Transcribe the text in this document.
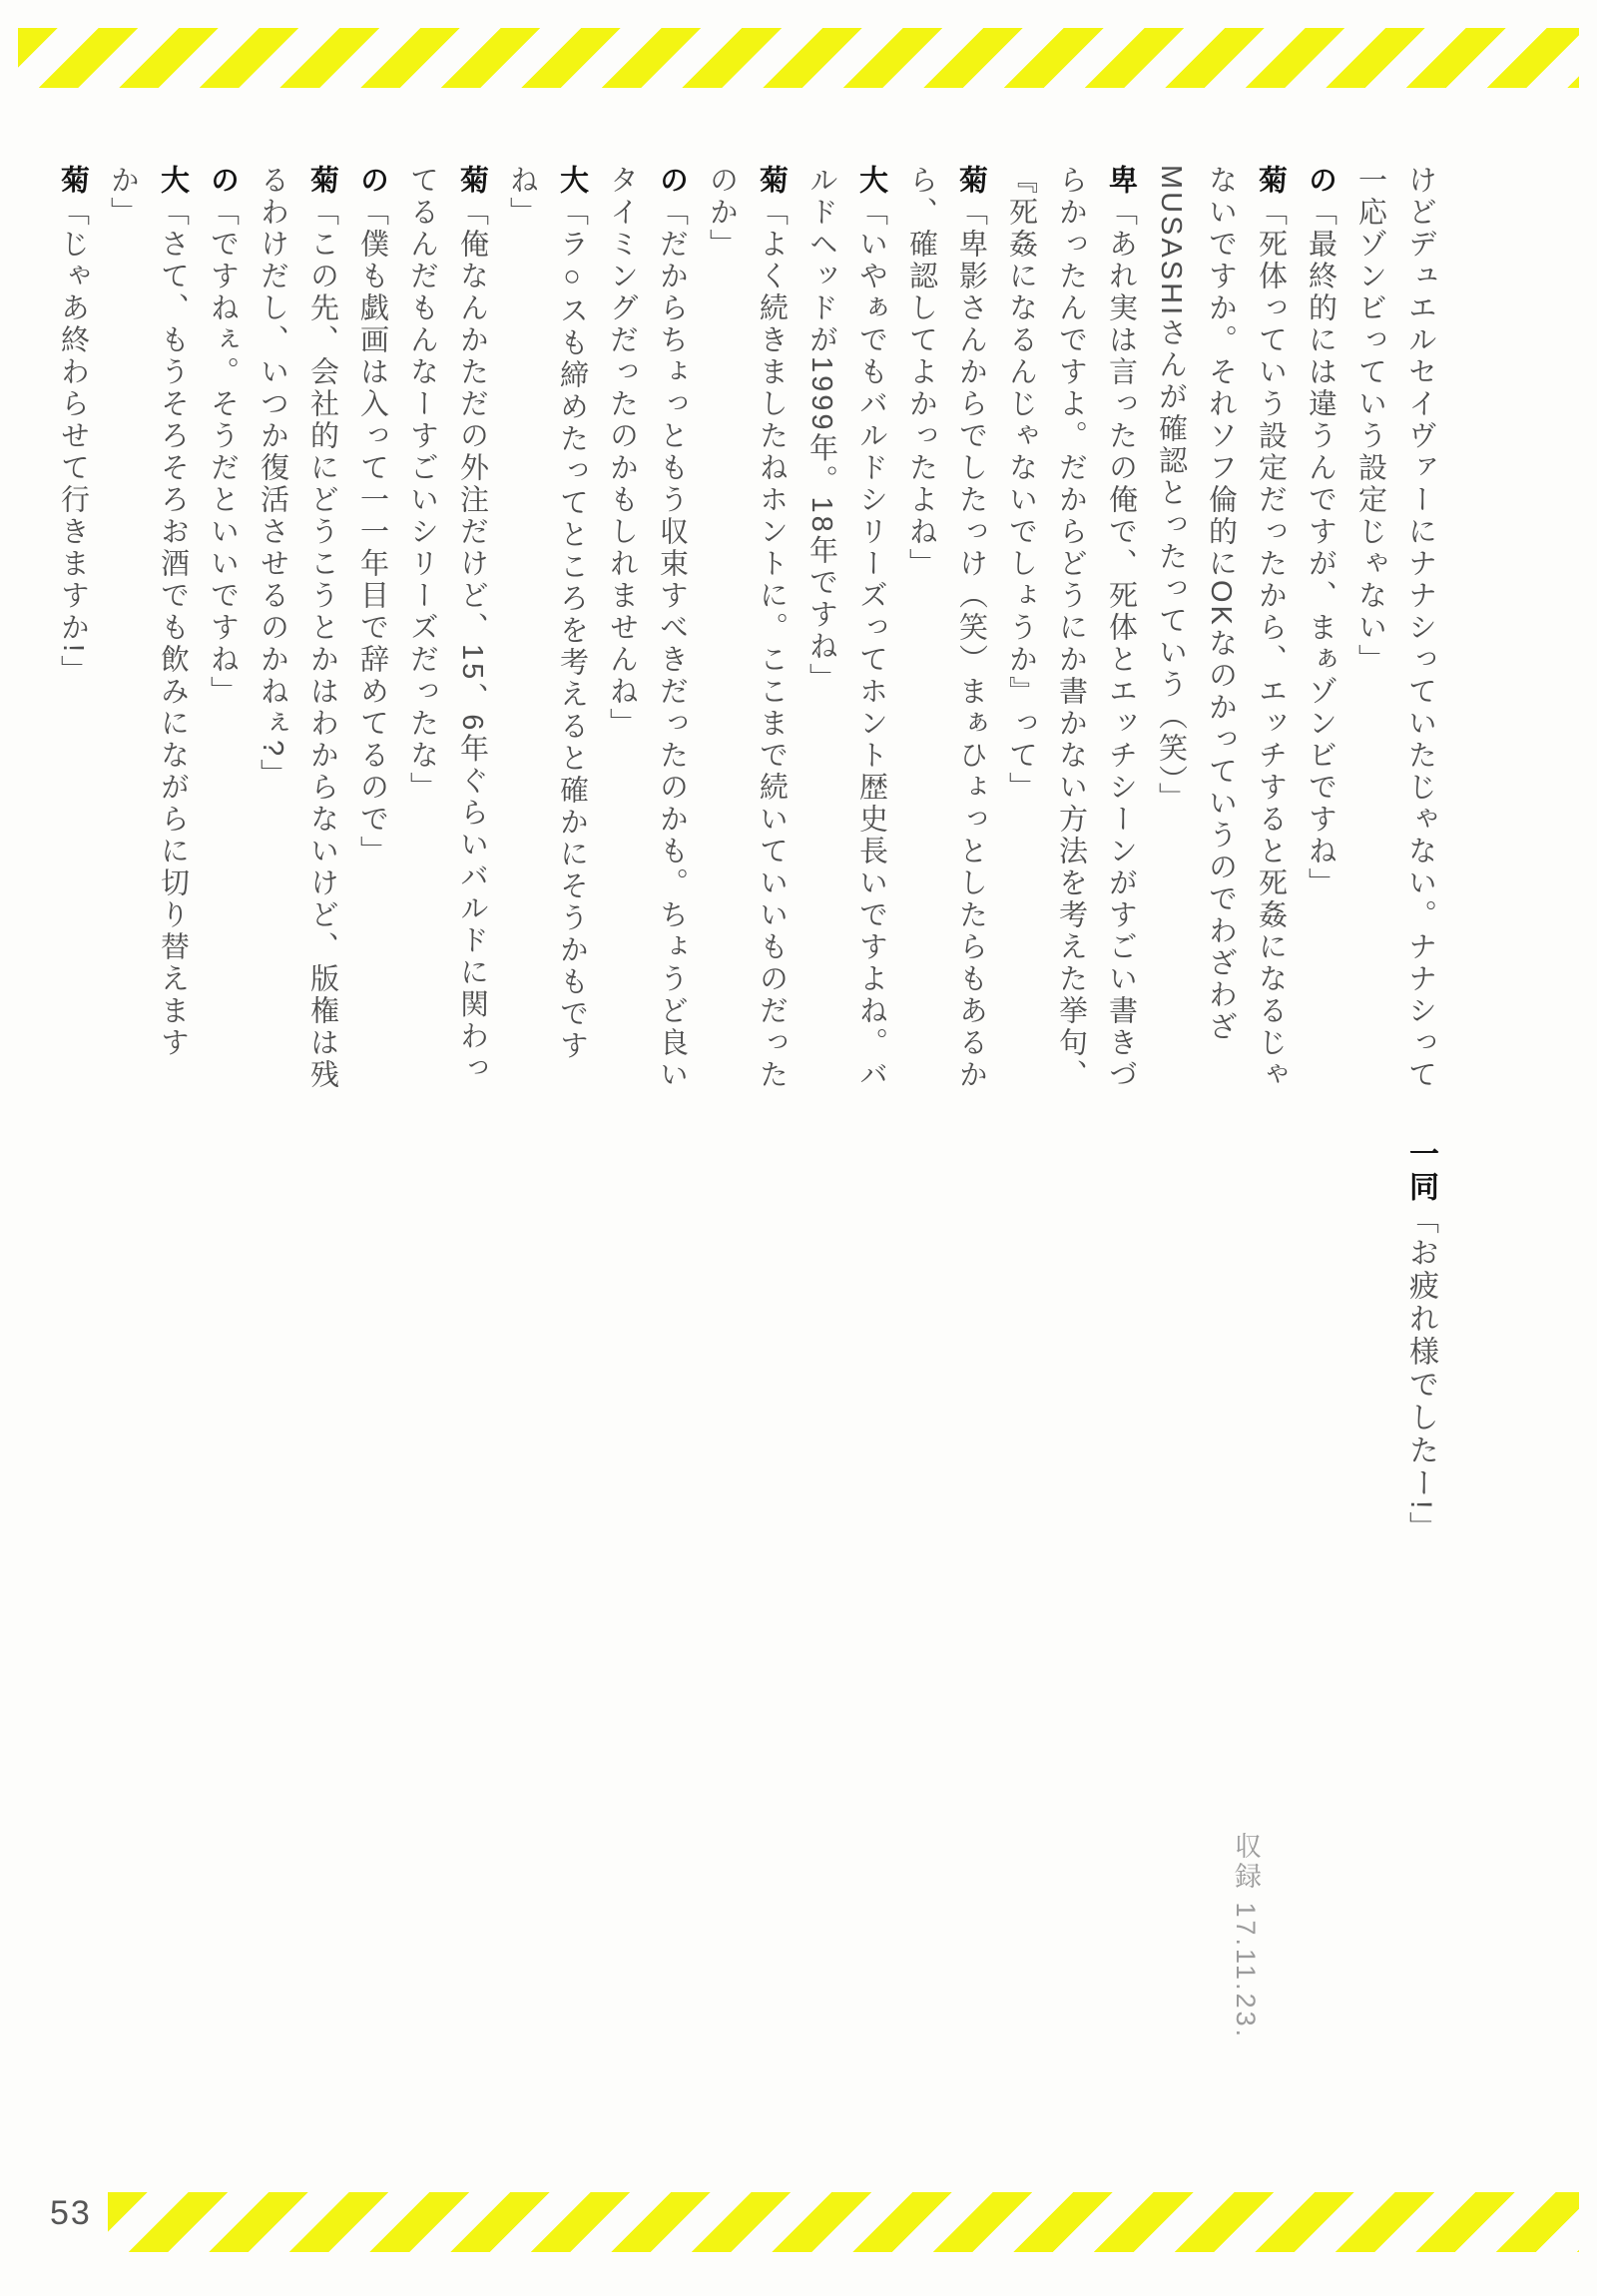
けどデュエルセイヴァーにナナシっていたじゃない。ナナシって一応ゾンビっていう設定じゃない」

の「最終的には違うんですが、まぁゾンビですね」

菊「死体っていう設定だったから、エッチすると死姦になるじゃないですか。それソフ倫的にOKなのかっていうのでわざわざMUSASHIさんが確認とったっていう（笑）」

卑「あれ実は言ったの俺で、死体とエッチシーンがすごい書きづらかったんですよ。だからどうにか書かない方法を考えた挙句、『死姦になるんじゃないでしょうか』って」

菊「卑影さんからでしたっけ（笑）まぁひょっとしたらもあるから、確認してよかったよね」

大「いやぁでもバルドシリーズってホント歴史長いですよね。バルドヘッドが1999年。18年ですね」

菊「よく続きましたねホントに。ここまで続いていいものだったのか」

の「だからちょっともう収束すべきだったのかも。ちょうど良いタイミングだったのかもしれませんね」

大「ラ○スも締めたってところを考えると確かにそうかもですね」

菊「俺なんかただの外注だけど、15、6年ぐらいバルドに関わってるんだもんなーすごいシリーズだったな」

の「僕も戯画は入って一一年目で辞めてるので」

菊「この先、会社的にどうこうとかはわからないけど、版権は残るわけだし、いつか復活させるのかねぇ?」

の「ですねぇ。そうだといいですね」

大「さて、もうそろそろお酒でも飲みにながらに切り替えますか」

菊「じゃあ終わらせて行きますか!」

一同「お疲れ様でしたー!」
収録 17.11.23.
53
